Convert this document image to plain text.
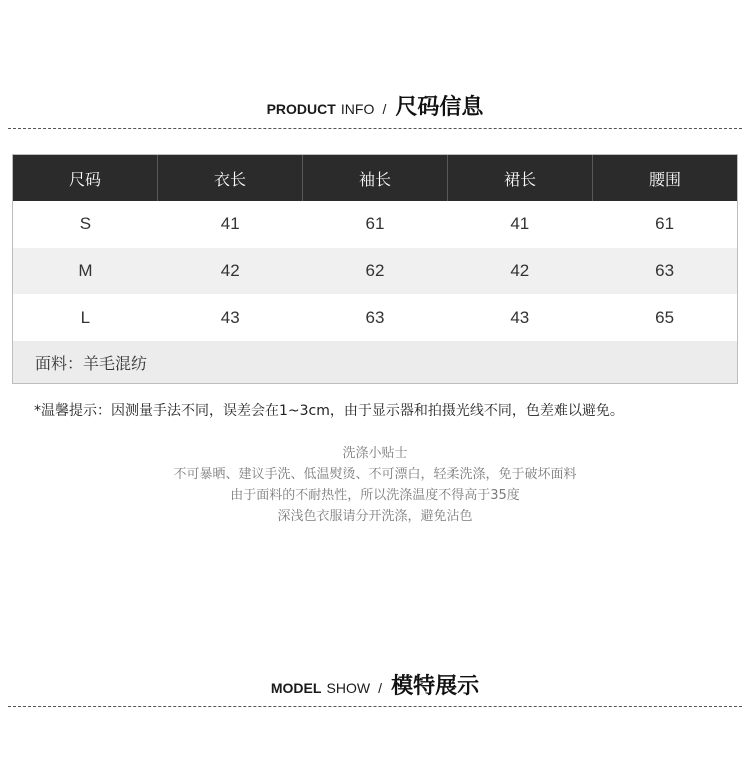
PRODUCT INFO / 尺码信息
尺码	衣长	袖长	裙长	腰围
S	41	61	41	61
M	42	62	42	63
L	43	63	43	65
面料：羊毛混纺
*温馨提示：因测量手法不同，误差会在1~3cm，由于显示器和拍摄光线不同，色差难以避免。
洗涤小贴士
不可暴晒、建议手洗、低温熨烫、不可漂白，轻柔洗涤，免于破坏面料
由于面料的不耐热性，所以洗涤温度不得高于35度
深浅色衣服请分开洗涤，避免沾色
MODEL SHOW / 模特展示
